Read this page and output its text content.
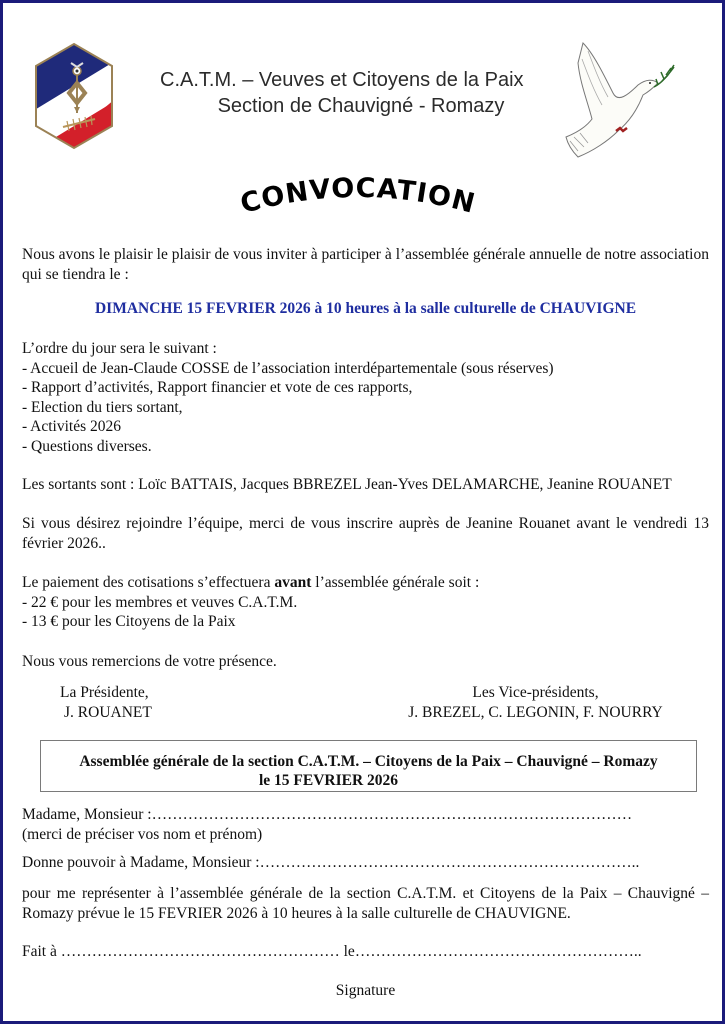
C.A.T.M. – Veuves et Citoyens de la Paix
Section de Chauvigné - Romazy
CONVOCATION
Nous avons le plaisir le plaisir de vous inviter à participer à l’assemblée générale annuelle de notre association qui se tiendra le :
DIMANCHE 15 FEVRIER 2026 à 10 heures à la salle culturelle de CHAUVIGNE
L’ordre du jour sera le suivant :
- Accueil de Jean-Claude COSSE de l’association interdépartementale (sous réserves)
- Rapport d’activités, Rapport financier et vote de ces rapports,
- Election du tiers sortant,
- Activités 2026
- Questions diverses.
Les sortants sont : Loïc BATTAIS, Jacques BBREZEL Jean-Yves DELAMARCHE, Jeanine ROUANET
Si vous désirez rejoindre l’équipe, merci de vous inscrire auprès de Jeanine Rouanet avant le vendredi 13 février 2026..
Le paiement des cotisations s’effectuera avant l’assemblée générale soit :
- 22 € pour les membres et veuves C.A.T.M.
- 13 € pour les Citoyens de la Paix
Nous vous remercions de votre présence.
La Présidente,
J. ROUANET
Les Vice-présidents,
J. BREZEL, C. LEGONIN, F. NOURRY
Assemblée générale de la section C.A.T.M. – Citoyens de la Paix – Chauvigné – Romazy
le 15 FEVRIER 2026
Madame, Monsieur :…………………………………………………………………………………
(merci de préciser vos nom et prénom)
Donne pouvoir à Madame, Monsieur :………………………………………………………………..
pour me représenter à l’assemblée générale de la section C.A.T.M. et Citoyens de la Paix – Chauvigné – Romazy prévue le 15 FEVRIER 2026 à 10 heures à la salle culturelle de CHAUVIGNE.
Fait à ……………………………………………… le………………………………………………..
Signature
